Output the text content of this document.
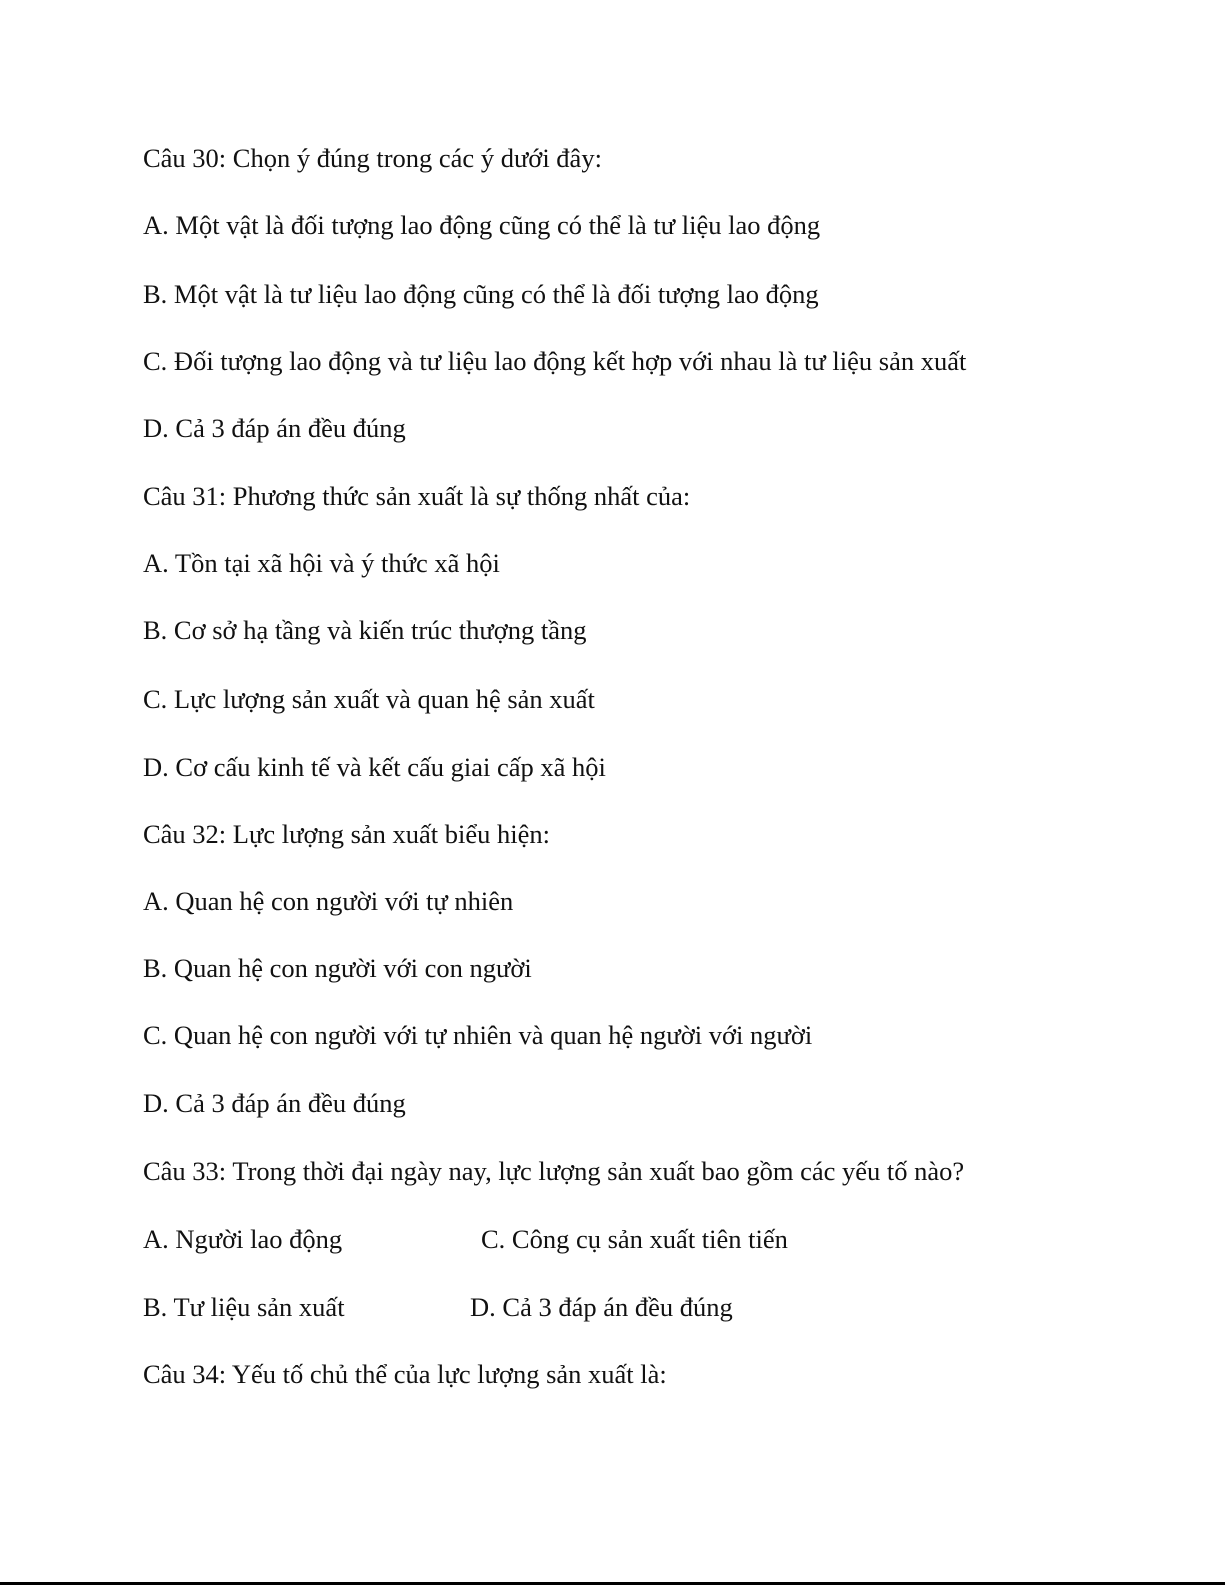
Câu 30: Chọn ý đúng trong các ý dưới đây:
A. Một vật là đối tượng lao động cũng có thể là tư liệu lao động
B. Một vật là tư liệu lao động cũng có thể là đối tượng lao động
C. Đối tượng lao động và tư liệu lao động kết hợp với nhau là tư liệu sản xuất
D. Cả 3 đáp án đều đúng
Câu 31: Phương thức sản xuất là sự thống nhất của:
A. Tồn tại xã hội và ý thức xã hội
B. Cơ sở hạ tầng và kiến trúc thượng tầng
C. Lực lượng sản xuất và quan hệ sản xuất
D. Cơ cấu kinh tế và kết cấu giai cấp xã hội
Câu 32: Lực lượng sản xuất biểu hiện:
A. Quan hệ con người với tự nhiên
B. Quan hệ con người với con người
C. Quan hệ con người với tự nhiên và quan hệ người với người
D. Cả 3 đáp án đều đúng
Câu 33: Trong thời đại ngày nay, lực lượng sản xuất bao gồm các yếu tố nào?
A. Người lao động	C. Công cụ sản xuất tiên tiến
B. Tư liệu sản xuất	D. Cả 3 đáp án đều đúng
Câu 34: Yếu tố chủ thể của lực lượng sản xuất là:
